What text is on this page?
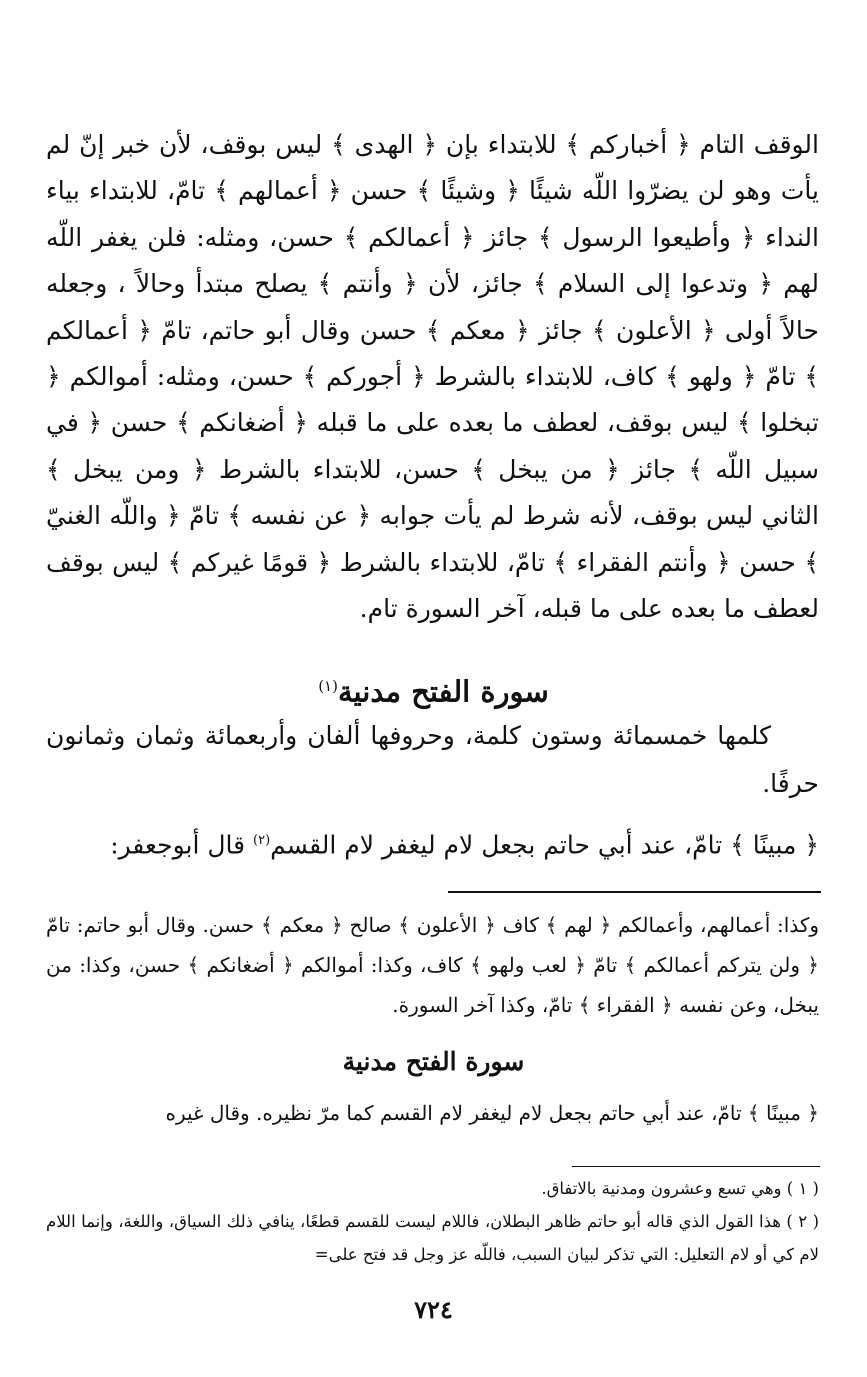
الوقف التام ﴿ أخباركم ﴾ للابتداء بإن ﴿ الهدى ﴾ ليس بوقف، لأن خبر إنّ لم يأت وهو لن يضرّوا اللّه شيئًا ﴿ وشيئًا ﴾ حسن ﴿ أعمالهم ﴾ تامّ، للابتداء بياء النداء ﴿ وأطيعوا الرسول ﴾ جائز ﴿ أعمالكم ﴾ حسن، ومثله: فلن يغفر اللّه لهم ﴿ وتدعوا إلى السلام ﴾ جائز، لأن ﴿ وأنتم ﴾ يصلح مبتدأ وحالاً ، وجعله حالاً أولى ﴿ الأعلون ﴾ جائز ﴿ معكم ﴾ حسن وقال أبو حاتم، تامّ ﴿ أعمالكم ﴾ تامّ ﴿ ولهو ﴾ كاف، للابتداء بالشرط ﴿ أجوركم ﴾ حسن، ومثله: أموالكم ﴿ تبخلوا ﴾ ليس بوقف، لعطف ما بعده على ما قبله ﴿ أضغانكم ﴾ حسن ﴿ في سبيل اللّه ﴾ جائز ﴿ من يبخل ﴾ حسن، للابتداء بالشرط ﴿ ومن يبخل ﴾ الثاني ليس بوقف، لأنه شرط لم يأت جوابه ﴿ عن نفسه ﴾ تامّ ﴿ واللّه الغنيّ ﴾ حسن ﴿ وأنتم الفقراء ﴾ تامّ، للابتداء بالشرط ﴿ قومًا غيركم ﴾ ليس بوقف لعطف ما بعده على ما قبله، آخر السورة تام.

سورة الفتح مدنية$^{(١)}$
كلمها خمسمائة وستون كلمة، وحروفها ألفان وأربعمائة وثمان وثمانون حرفًا.
﴿ مبينًا ﴾ تامّ، عند أبي حاتم بجعل لام ليغفر لام القسم$^{(٢)}$ قال أبوجعفر:

وكذا: أعمالهم، وأعمالكم ﴿ لهم ﴾ كاف ﴿ الأعلون ﴾ صالح ﴿ معكم ﴾ حسن. وقال أبو حاتم: تامّ ﴿ ولن يتركم أعمالكم ﴾ تامّ ﴿ لعب ولهو ﴾ كاف، وكذا: أموالكم ﴿ أضغانكم ﴾ حسن، وكذا: من يبخل، وعن نفسه ﴿ الفقراء ﴾ تامّ، وكذا آخر السورة.

سورة الفتح مدنية
﴿ مبينًا ﴾ تامّ، عند أبي حاتم بجعل لام ليغفر لام القسم كما مرّ نظيره. وقال غيره

( ١ ) وهي تسع وعشرون ومدنية بالاتفاق.

( ٢ ) هذا القول الذي قاله أبو حاتم ظاهر البطلان، فاللام ليست للقسم قطعًا، ينافي ذلك السياق، واللغة، وإنما اللام لام كي أو لام التعليل: التي تذكر لبيان السبب، فاللّه عز وجل قد فتح على=

٧٢٤
